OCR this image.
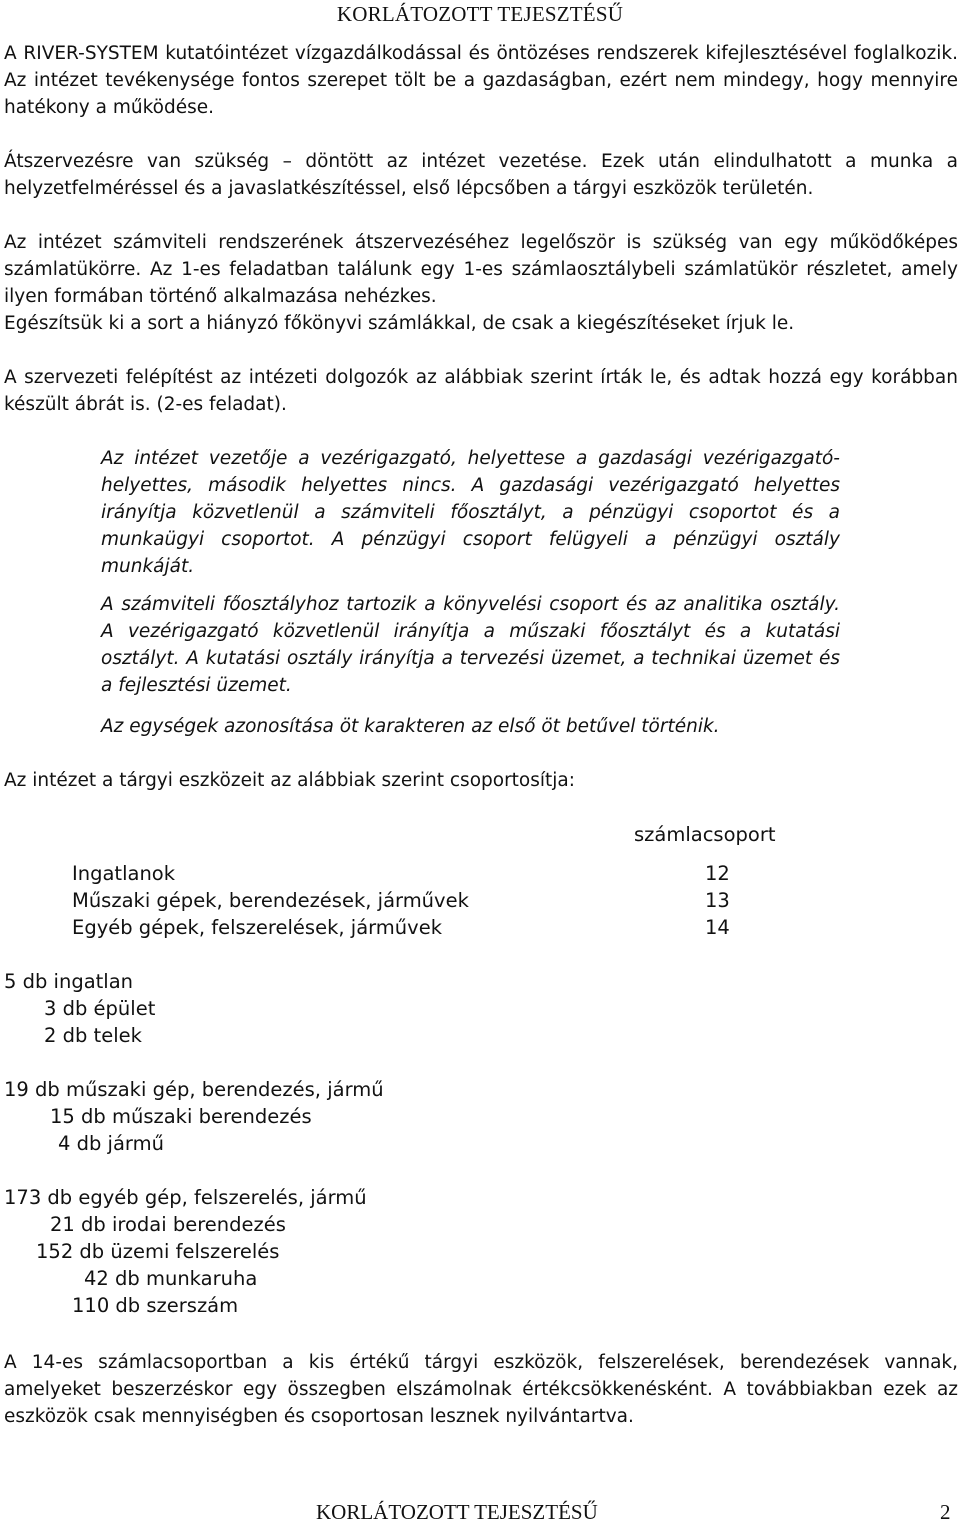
KORLÁTOZOTT TEJESZTÉSŰ
A RIVER-SYSTEM kutatóintézet vízgazdálkodással és öntözéses rendszerek kifejlesztésével foglalkozik. Az intézet tevékenysége fontos szerepet tölt be a gazdaságban, ezért nem mindegy, hogy mennyire hatékony a működése.
Átszervezésre van szükség – döntött az intézet vezetése. Ezek után elindulhatott a munka a helyzetfelméréssel és a javaslatkészítéssel, első lépcsőben a tárgyi eszközök területén.
Az intézet számviteli rendszerének átszervezéséhez legelőször is szükség van egy működőképes számlatükörre. Az 1-es feladatban találunk egy 1-es számlaosztálybeli számlatükör részletet, amely ilyen formában történő alkalmazása nehézkes.
Egészítsük ki a sort a hiányzó főkönyvi számlákkal, de csak a kiegészítéseket írjuk le.
A szervezeti felépítést az intézeti dolgozók az alábbiak szerint írták le, és adtak hozzá egy korábban készült ábrát is. (2-es feladat).
Az intézet vezetője a vezérigazgató, helyettese a gazdasági vezérigazgató-helyettes, második helyettes nincs. A gazdasági vezérigazgató helyettes irányítja közvetlenül a számviteli főosztályt, a pénzügyi csoportot és a munkaügyi csoportot. A pénzügyi csoport felügyeli a pénzügyi osztály munkáját.
A számviteli főosztályhoz tartozik a könyvelési csoport és az analitika osztály. A vezérigazgató közvetlenül irányítja a műszaki főosztályt és a kutatási osztályt. A kutatási osztály irányítja a tervezési üzemet, a technikai üzemet és a fejlesztési üzemet.
Az egységek azonosítása öt karakteren az első öt betűvel történik.
Az intézet a tárgyi eszközeit az alábbiak szerint csoportosítja:
számlacsoport
Ingatlanok	12
Műszaki gépek, berendezések, járművek	13
Egyéb gépek, felszerelések, járművek	14
5 db ingatlan
3 db épület
2 db telek
19 db műszaki gép, berendezés, jármű
15 db műszaki berendezés
4 db jármű
173 db egyéb gép, felszerelés, jármű
21 db irodai berendezés
152 db üzemi felszerelés
42 db munkaruha
110 db szerszám
A 14-es számlacsoportban a kis értékű tárgyi eszközök, felszerelések, berendezések vannak, amelyeket beszerzéskor egy összegben elszámolnak értékcsökkenésként. A továbbiakban ezek az eszközök csak mennyiségben és csoportosan lesznek nyilvántartva.
KORLÁTOZOTT TEJESZTÉSŰ	2
